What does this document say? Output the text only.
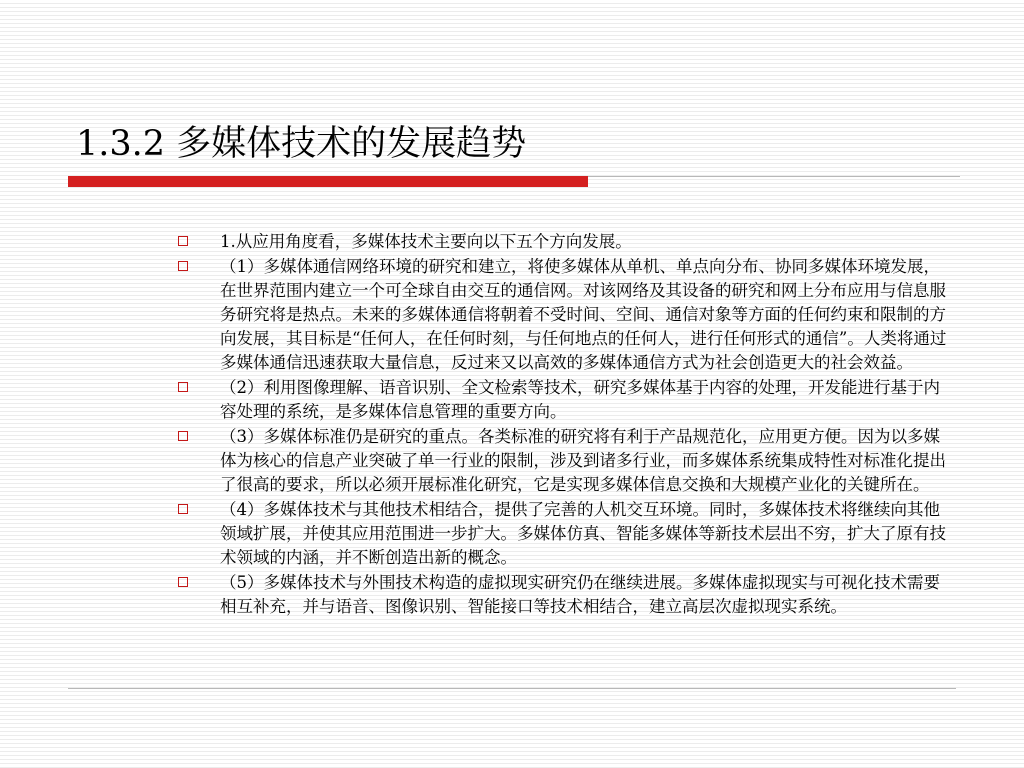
1.3.2 多媒体技术的发展趋势
1.从应用角度看，多媒体技术主要向以下五个方向发展。
（1）多媒体通信网络环境的研究和建立，将使多媒体从单机、单点向分布、协同多媒体环境发展，在世界范围内建立一个可全球自由交互的通信网。对该网络及其设备的研究和网上分布应用与信息服务研究将是热点。未来的多媒体通信将朝着不受时间、空间、通信对象等方面的任何约束和限制的方向发展，其目标是“任何人，在任何时刻，与任何地点的任何人，进行任何形式的通信”。人类将通过多媒体通信迅速获取大量信息，反过来又以高效的多媒体通信方式为社会创造更大的社会效益。
（2）利用图像理解、语音识别、全文检索等技术，研究多媒体基于内容的处理，开发能进行基于内容处理的系统，是多媒体信息管理的重要方向。
（3）多媒体标准仍是研究的重点。各类标准的研究将有利于产品规范化，应用更方便。因为以多媒体为核心的信息产业突破了单一行业的限制，涉及到诸多行业，而多媒体系统集成特性对标准化提出了很高的要求，所以必须开展标准化研究，它是实现多媒体信息交换和大规模产业化的关键所在。
（4）多媒体技术与其他技术相结合，提供了完善的人机交互环境。同时，多媒体技术将继续向其他领域扩展，并使其应用范围进一步扩大。多媒体仿真、智能多媒体等新技术层出不穷，扩大了原有技术领域的内涵，并不断创造出新的概念。
（5）多媒体技术与外围技术构造的虚拟现实研究仍在继续进展。多媒体虚拟现实与可视化技术需要相互补充，并与语音、图像识别、智能接口等技术相结合，建立高层次虚拟现实系统。
